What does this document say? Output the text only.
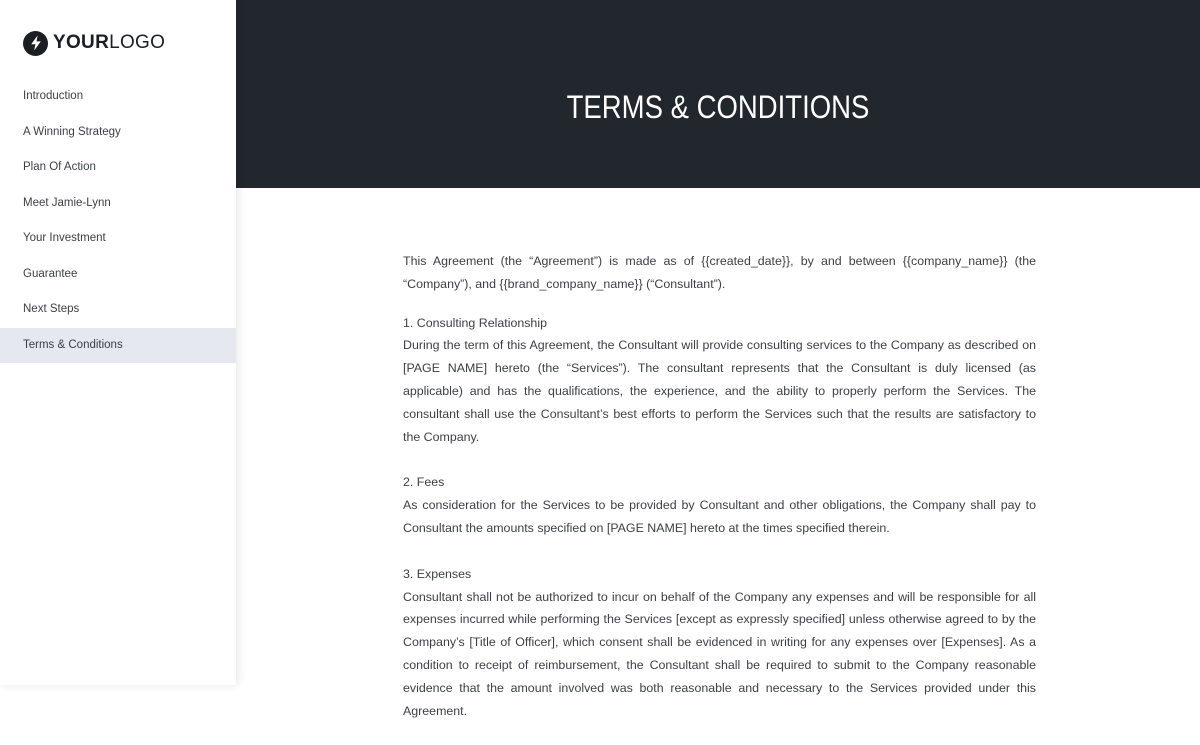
YOURLOGO
Introduction
A Winning Strategy
Plan Of Action
Meet Jamie-Lynn
Your Investment
Guarantee
Next Steps
Terms & Conditions
TERMS & CONDITIONS

This Agreement (the “Agreement”) is made as of {{created_date}}, by and between {{company_name}} (the “Company”), and {{brand_company_name}} (“Consultant”).

1. Consulting Relationship

During the term of this Agreement, the Consultant will provide consulting services to the Company as described on [PAGE NAME] hereto (the “Services”). The consultant represents that the Consultant is duly licensed (as applicable) and has the qualifications, the experience, and the ability to properly perform the Services. The consultant shall use the Consultant’s best efforts to perform the Services such that the results are satisfactory to the Company.

2. Fees

As consideration for the Services to be provided by Consultant and other obligations, the Company shall pay to Consultant the amounts specified on [PAGE NAME] hereto at the times specified therein.

3. Expenses

Consultant shall not be authorized to incur on behalf of the Company any expenses and will be responsible for all expenses incurred while performing the Services [except as expressly specified] unless otherwise agreed to by the Company’s [Title of Officer], which consent shall be evidenced in writing for any expenses over [Expenses]. As a condition to receipt of reimbursement, the Consultant shall be required to submit to the Company reasonable evidence that the amount involved was both reasonable and necessary to the Services provided under this Agreement.
